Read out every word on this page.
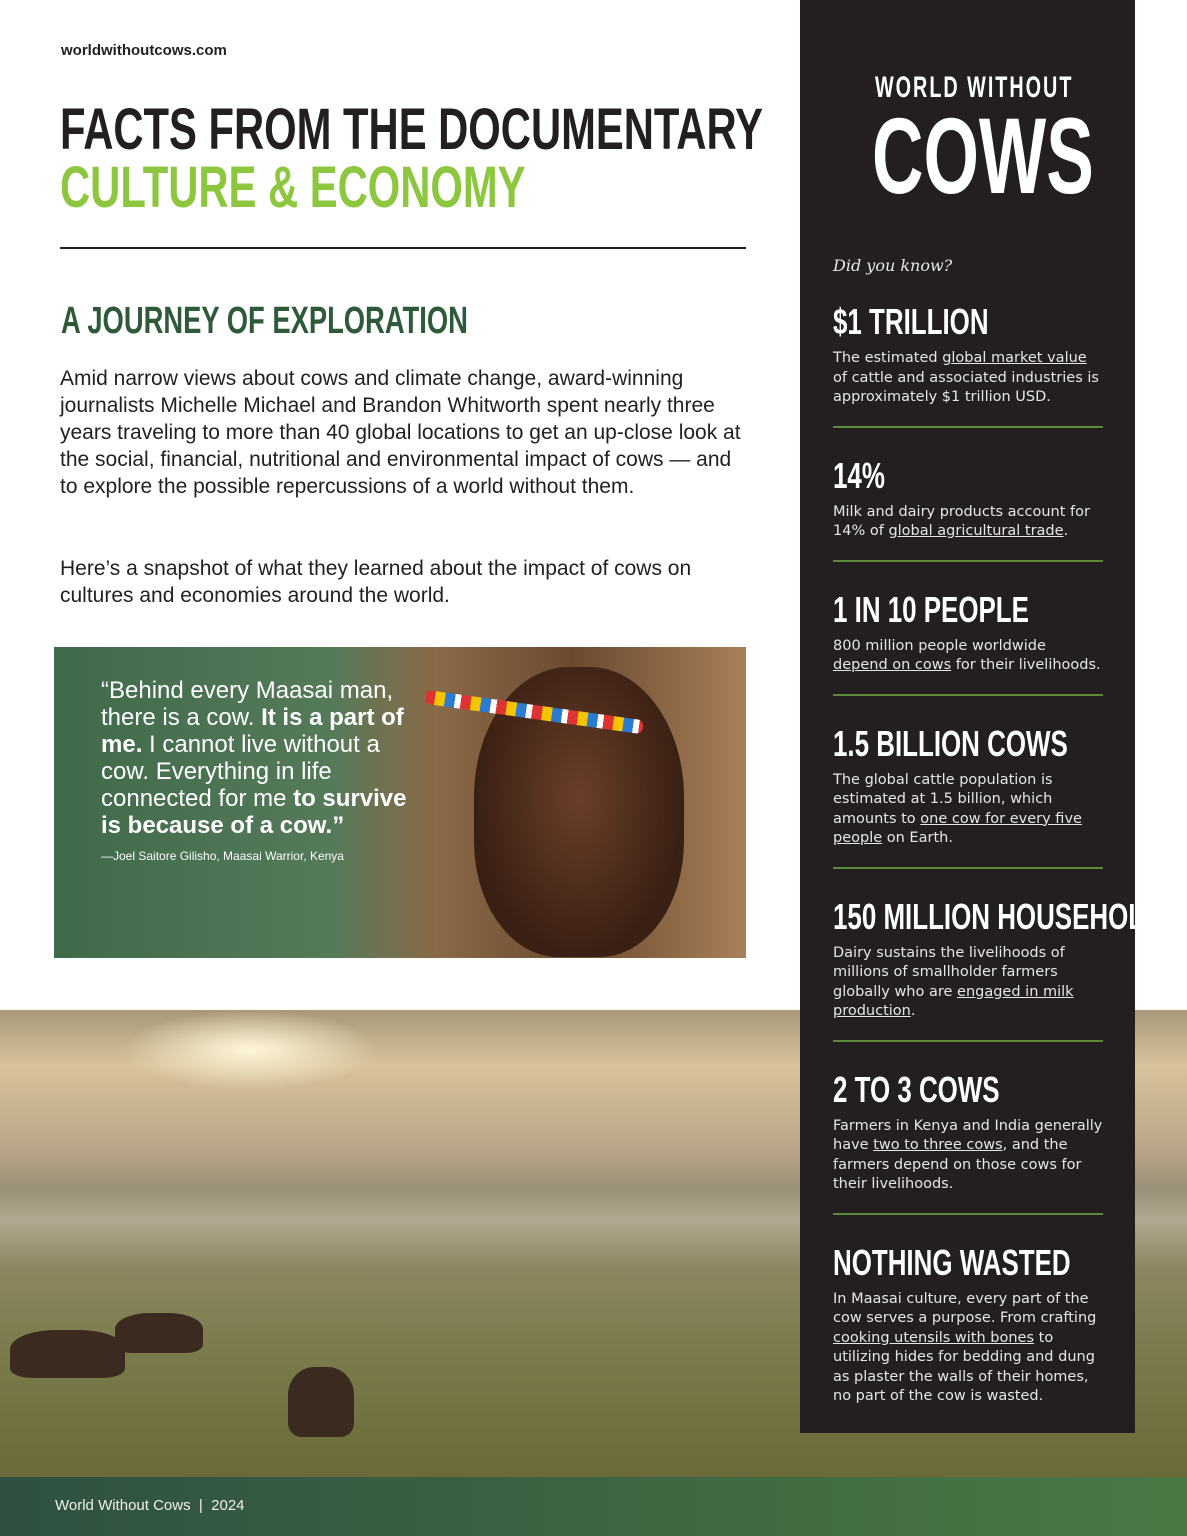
worldwithoutcows.com
FACTS FROM THE DOCUMENTARY
CULTURE & ECONOMY
A JOURNEY OF EXPLORATION

Amid narrow views about cows and climate change, award-winning journalists Michelle Michael and Brandon Whitworth spent nearly three years traveling to more than 40 global locations to get an up-close look at the social, financial, nutritional and environmental impact of cows — and to explore the possible repercussions of a world without them.

Here’s a snapshot of what they learned about the impact of cows on cultures and economies around the world.

“Behind every Maasai man, there is a cow. It is a part of me. I cannot live without a cow. Everything in life connected for me to survive is because of a cow.”
—Joel Saitore Gilisho, Maasai Warrior, Kenya
World Without Cows  |  2024
WORLD WITHOUT
COWS
Did you know?
$1 TRILLION
The estimated global market value of cattle and associated industries is approximately $1 trillion USD.
14%
Milk and dairy products account for 14% of global agricultural trade.
1 IN 10 PEOPLE
800 million people worldwide depend on cows for their livelihoods.
1.5 BILLION COWS
The global cattle population is estimated at 1.5 billion, which amounts to one cow for every five people on Earth.
150 MILLION HOUSEHOLDS
Dairy sustains the livelihoods of millions of smallholder farmers globally who are engaged in milk production.
2 TO 3 COWS
Farmers in Kenya and India generally have two to three cows, and the farmers depend on those cows for their livelihoods.
NOTHING WASTED
In Maasai culture, every part of the cow serves a purpose. From crafting cooking utensils with bones to utilizing hides for bedding and dung as plaster the walls of their homes, no part of the cow is wasted.
